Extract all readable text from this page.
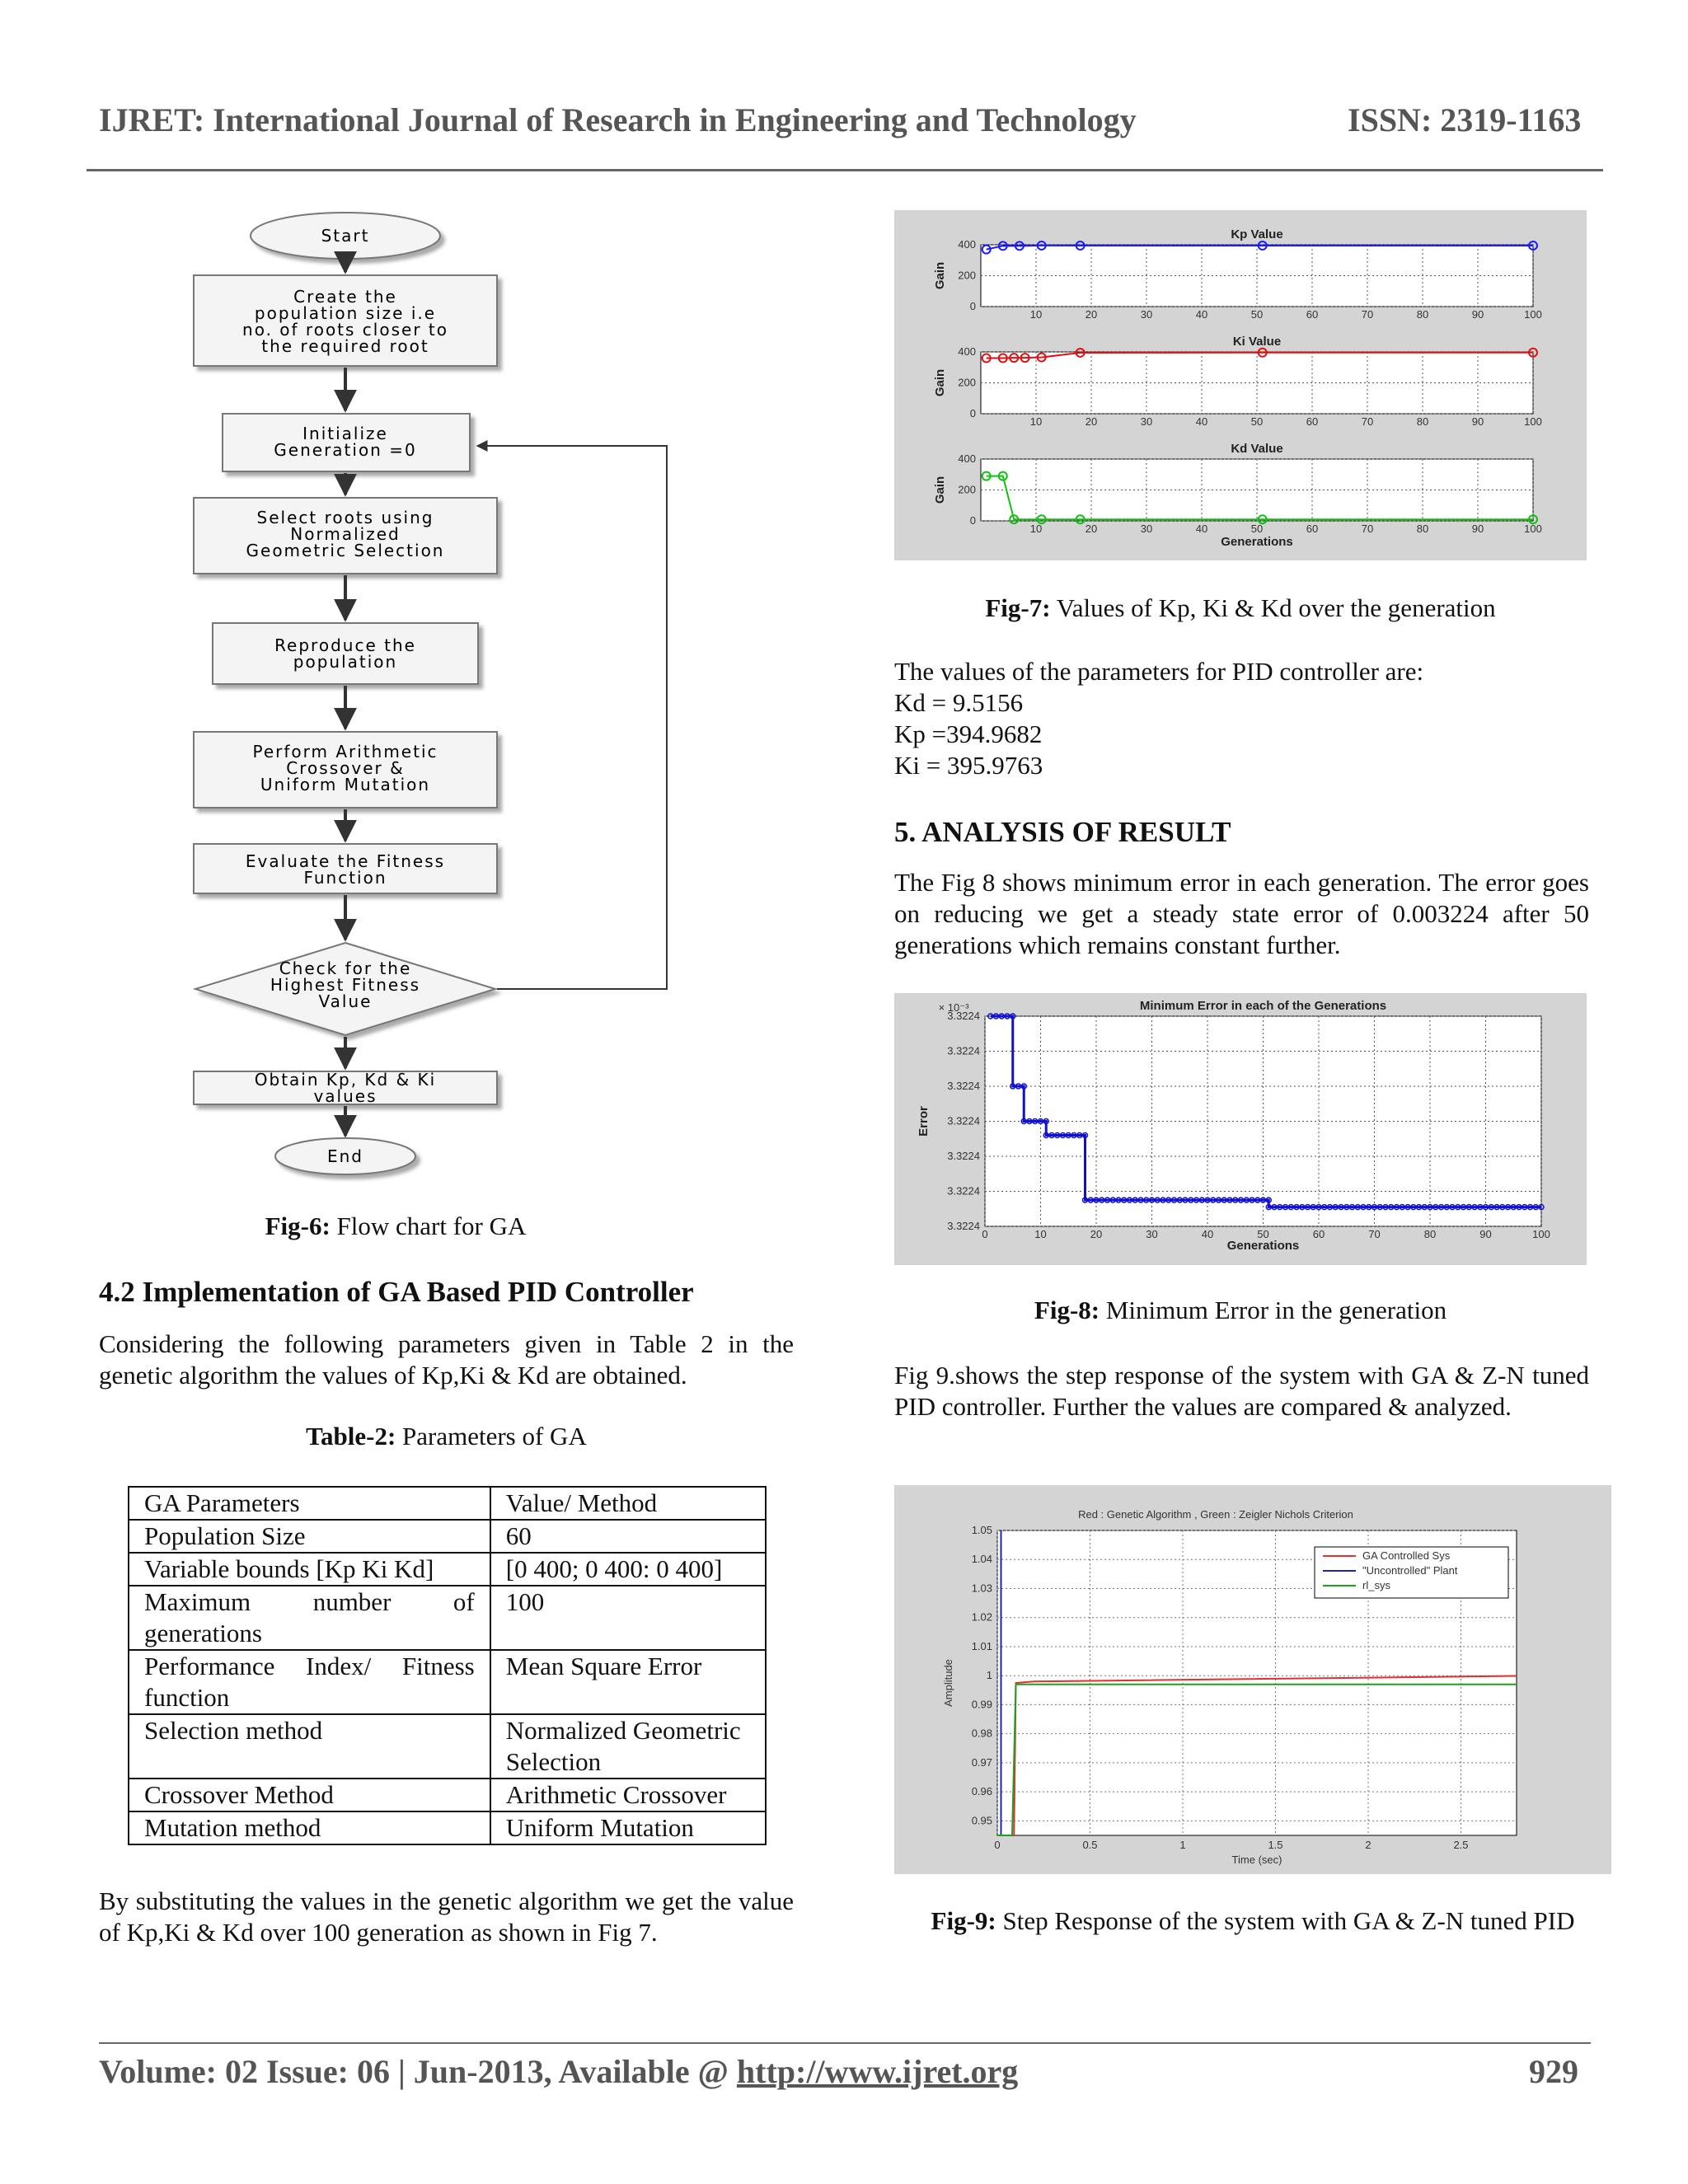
IJRET: International Journal of Research in Engineering and Technology	ISSN: 2319-1163
Start
Create the population size i.e no. of roots closer to the required root
Initialize Generation =0
Select roots using Normalized Geometric Selection
Reproduce the population
Perform Arithmetic Crossover & Uniform Mutation
Evaluate the Fitness Function
Check for the Highest Fitness Value
Obtain Kp, Kd & Ki values
End
Fig-6: Flow chart for GA
4.2 Implementation of GA Based PID Controller
Considering the following parameters given in Table 2 in the genetic algorithm the values of Kp,Ki & Kd are obtained.
Table-2: Parameters of GA
GA Parameters	Value/ Method
Population Size	60
Variable bounds [Kp Ki Kd]	[0 400; 0 400: 0 400]
Maximum number of generations	100
Performance Index/ Fitness function	Mean Square Error
Selection method	Normalized Geometric Selection
Crossover Method	Arithmetic Crossover
Mutation method	Uniform Mutation
By substituting the values in the genetic algorithm we get the value of Kp,Ki & Kd over 100 generation as shown in Fig 7.
Kp Value
10	20	30	40	50	60	70	80	90	100
0
200
400
Gain
Ki Value
10	20	30	40	50	60	70	80	90	100
0
200
400
Gain
Kd Value
10	20	30	40	50	60	70	80	90	100
0
200
400
Gain
Generations
Fig-7: Values of Kp, Ki & Kd over the generation
The values of the parameters for PID controller are:
Kd = 9.5156
Kp =394.9682
Ki = 395.9763
5. ANALYSIS OF RESULT
The Fig 8 shows minimum error in each generation. The error goes on reducing we get a steady state error of 0.003224 after 50 generations which remains constant further.
Minimum Error in each of the Generations
× 10⁻³
0	10	20	30	40	50	60	70	80	90	100
3.3224
3.3224
3.3224
3.3224
3.3224
3.3224
3.3224
Error
Generations
Fig-8: Minimum Error in the generation
Fig 9.shows the step response of the system with GA & Z-N tuned PID controller. Further the values are compared & analyzed.
Red : Genetic Algorithm , Green : Zeigler Nichols Criterion
0	0.5	1	1.5	2	2.5
0.95
0.96
0.97
0.98
0.99
1
1.01
1.02
1.03
1.04
1.05
Amplitude
Time (sec)
GA Controlled Sys
"Uncontrolled" Plant
rl_sys
Fig-9: Step Response of the system with GA & Z-N tuned PID
Volume: 02 Issue: 06 | Jun-2013, Available @ http://www.ijret.org	929
